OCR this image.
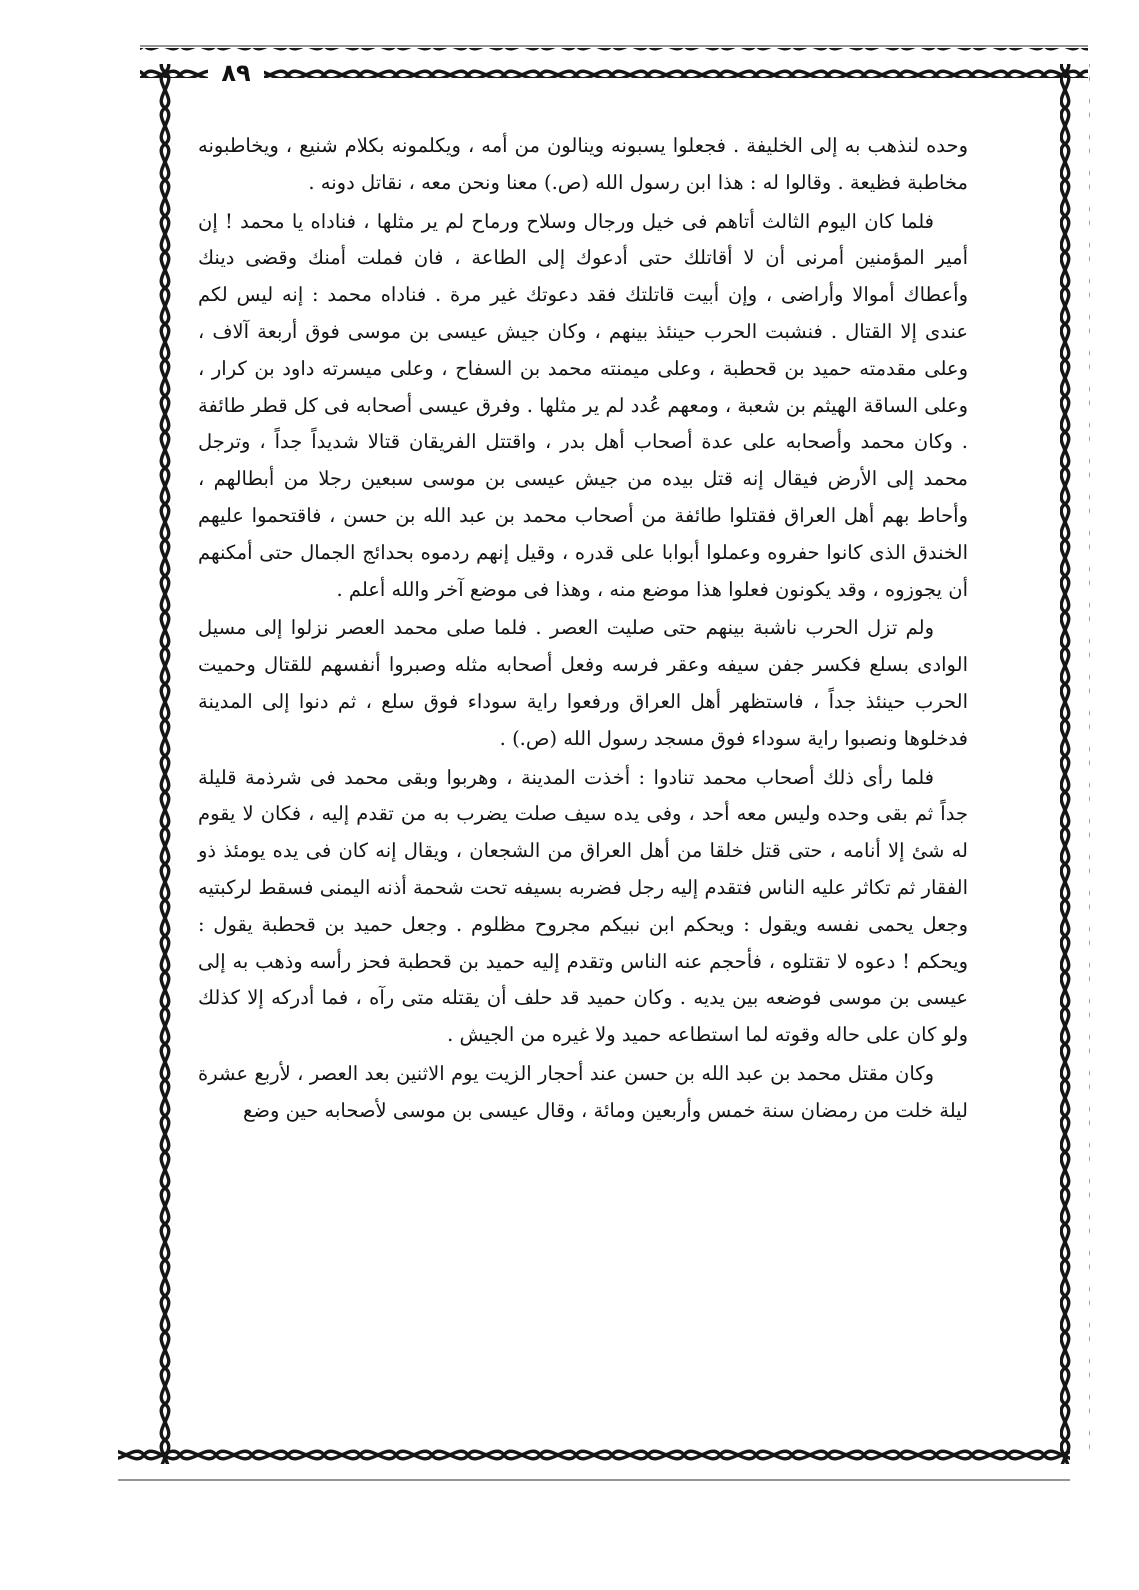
٨٩

وحده لنذهب به إلى الخليفة . فجعلوا يسبونه وينالون من أمه ، ويكلمونه بكلام شنيع ، ويخاطبونه مخاطبة فظيعة . وقالوا له : هذا ابن رسول الله (ص.) معنا ونحن معه ، نقاتل دونه .

فلما كان اليوم الثالث أتاهم فى خيل ورجال وسلاح ورماح لم ير مثلها ، فناداه يا محمد ! إن أمير المؤمنين أمرنى أن لا أقاتلك حتى أدعوك إلى الطاعة ، فان فملت أمنك وقضى دينك وأعطاك أموالا وأراضى ، وإن أبيت قاتلتك فقد دعوتك غير مرة . فناداه محمد : إنه ليس لكم عندى إلا القتال . فنشبت الحرب حينئذ بينهم ، وكان جيش عيسى بن موسى فوق أربعة آلاف ، وعلى مقدمته حميد بن قحطبة ، وعلى ميمنته محمد بن السفاح ، وعلى ميسرته داود بن كرار ، وعلى الساقة الهيثم بن شعبة ، ومعهم عُدد لم ير مثلها . وفرق عيسى أصحابه فى كل قطر طائفة . وكان محمد وأصحابه على عدة أصحاب أهل بدر ، واقتتل الفريقان قتالا شديداً جداً ، وترجل محمد إلى الأرض فيقال إنه قتل بيده من جيش عيسى بن موسى سبعين رجلا من أبطالهم ، وأحاط بهم أهل العراق فقتلوا طائفة من أصحاب محمد بن عبد الله بن حسن ، فاقتحموا عليهم الخندق الذى كانوا حفروه وعملوا أبوابا على قدره ، وقيل إنهم ردموه بحدائج الجمال حتى أمكنهم أن يجوزوه ، وقد يكونون فعلوا هذا موضع منه ، وهذا فى موضع آخر والله أعلم .

ولم تزل الحرب ناشبة بينهم حتى صليت العصر . فلما صلى محمد العصر نزلوا إلى مسيل الوادى بسلع فكسر جفن سيفه وعقر فرسه وفعل أصحابه مثله وصبروا أنفسهم للقتال وحميت الحرب حينئذ جداً ، فاستظهر أهل العراق ورفعوا راية سوداء فوق سلع ، ثم دنوا إلى المدينة فدخلوها ونصبوا راية سوداء فوق مسجد رسول الله (ص.) .

فلما رأى ذلك أصحاب محمد تنادوا : أخذت المدينة ، وهربوا وبقى محمد فى شرذمة قليلة جداً ثم بقى وحده وليس معه أحد ، وفى يده سيف صلت يضرب به من تقدم إليه ، فكان لا يقوم له شئ إلا أنامه ، حتى قتل خلقا من أهل العراق من الشجعان ، ويقال إنه كان فى يده يومئذ ذو الفقار ثم تكاثر عليه الناس فتقدم إليه رجل فضربه بسيفه تحت شحمة أذنه اليمنى فسقط لركبتيه وجعل يحمى نفسه ويقول : ويحكم ابن نبيكم مجروح مظلوم . وجعل حميد بن قحطبة يقول : ويحكم ! دعوه لا تقتلوه ، فأحجم عنه الناس وتقدم إليه حميد بن قحطبة فحز رأسه وذهب به إلى عيسى بن موسى فوضعه بين يديه . وكان حميد قد حلف أن يقتله متى رآه ، فما أدركه إلا كذلك ولو كان على حاله وقوته لما استطاعه حميد ولا غيره من الجيش .

وكان مقتل محمد بن عبد الله بن حسن عند أحجار الزيت يوم الاثنين بعد العصر ، لأربع عشرة ليلة خلت من رمضان سنة خمس وأربعين ومائة ، وقال عيسى بن موسى لأصحابه حين وضع
